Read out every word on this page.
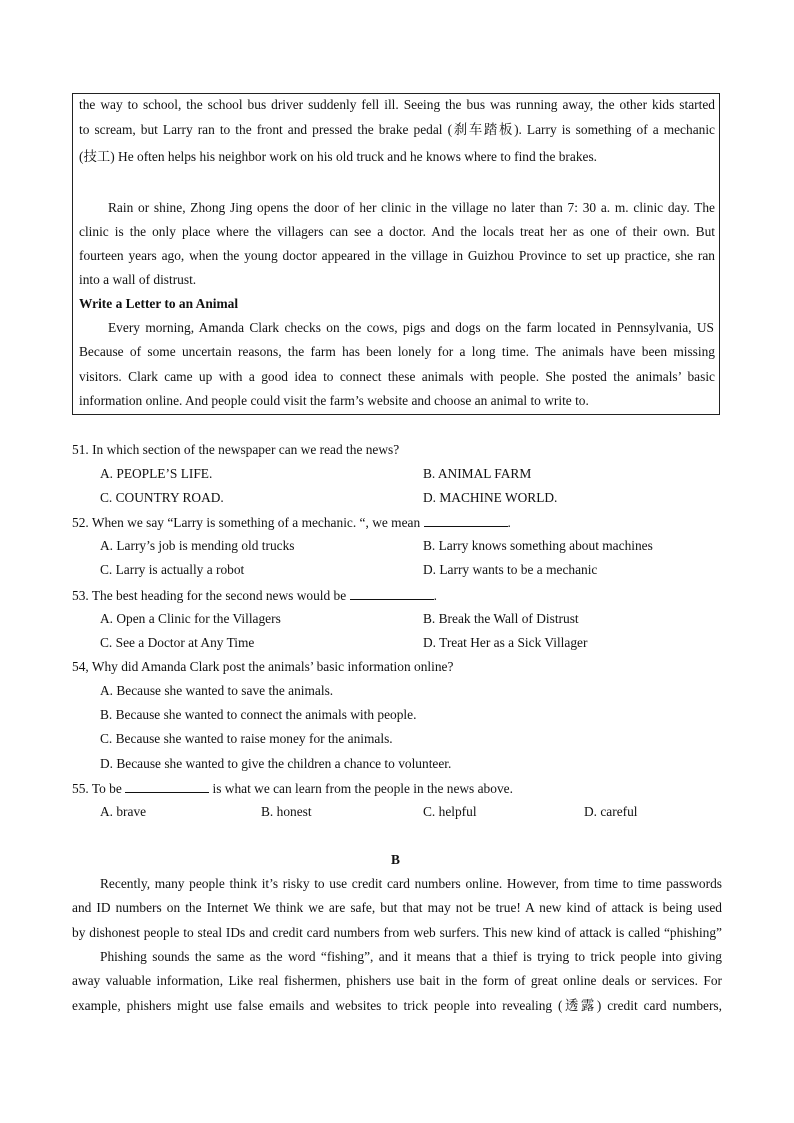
the way to school, the school bus driver suddenly fell ill. Seeing the bus was running away, the other kids started
to scream, but Larry ran to the front and pressed the brake pedal (刹车踏板). Larry is something of a mechanic
(技工) He often helps his neighbor work on his old truck and he knows where to find the brakes.
Rain or shine, Zhong Jing opens the door of her clinic in the village no later than 7: 30 a. m. clinic day. The
clinic is the only place where the villagers can see a doctor. And the locals treat her as one of their own. But
fourteen years ago, when the young doctor appeared in the village in Guizhou Province to set up practice, she ran
into a wall of distrust.
Write a Letter to an Animal
Every morning, Amanda Clark checks on the cows, pigs and dogs on the farm located in Pennsylvania, US
Because of some uncertain reasons, the farm has been lonely for a long time. The animals have been missing
visitors. Clark came up with a good idea to connect these animals with people. She posted the animals’ basic
information online. And people could visit the farm’s website and choose an animal to write to.
51. In which section of the newspaper can we read the news?
A. PEOPLE’S LIFE.	B. ANIMAL FARM
C. COUNTRY ROAD.	D. MACHINE WORLD.
52. When we say “Larry is something of a mechanic. “, we mean	.
A. Larry’s job is mending old trucks	B. Larry knows something about machines
C. Larry is actually a robot	D. Larry wants to be a mechanic
53. The best heading for the second news would be	.
A. Open a Clinic for the Villagers	B. Break the Wall of Distrust
C. See a Doctor at Any Time	D. Treat Her as a Sick Villager
54, Why did Amanda Clark post the animals’ basic information online?
A. Because she wanted to save the animals.
B. Because she wanted to connect the animals with people.
C. Because she wanted to raise money for the animals.
D. Because she wanted to give the children a chance to volunteer.
55. To be	is what we can learn from the people in the news above.
A. brave	B. honest	C. helpful	D. careful
B
Recently, many people think it’s risky to use credit card numbers online. However, from time to time passwords
and ID numbers on the Internet We think we are safe, but that may not be true! A new kind of attack is being used
by dishonest people to steal IDs and credit card numbers from web surfers. This new kind of attack is called “phishing”
Phishing sounds the same as the word “fishing”, and it means that a thief is trying to trick people into giving
away valuable information, Like real fishermen, phishers use bait in the form of great online deals or services. For
example, phishers might use false emails and websites to trick people into revealing (透露) credit card numbers,
